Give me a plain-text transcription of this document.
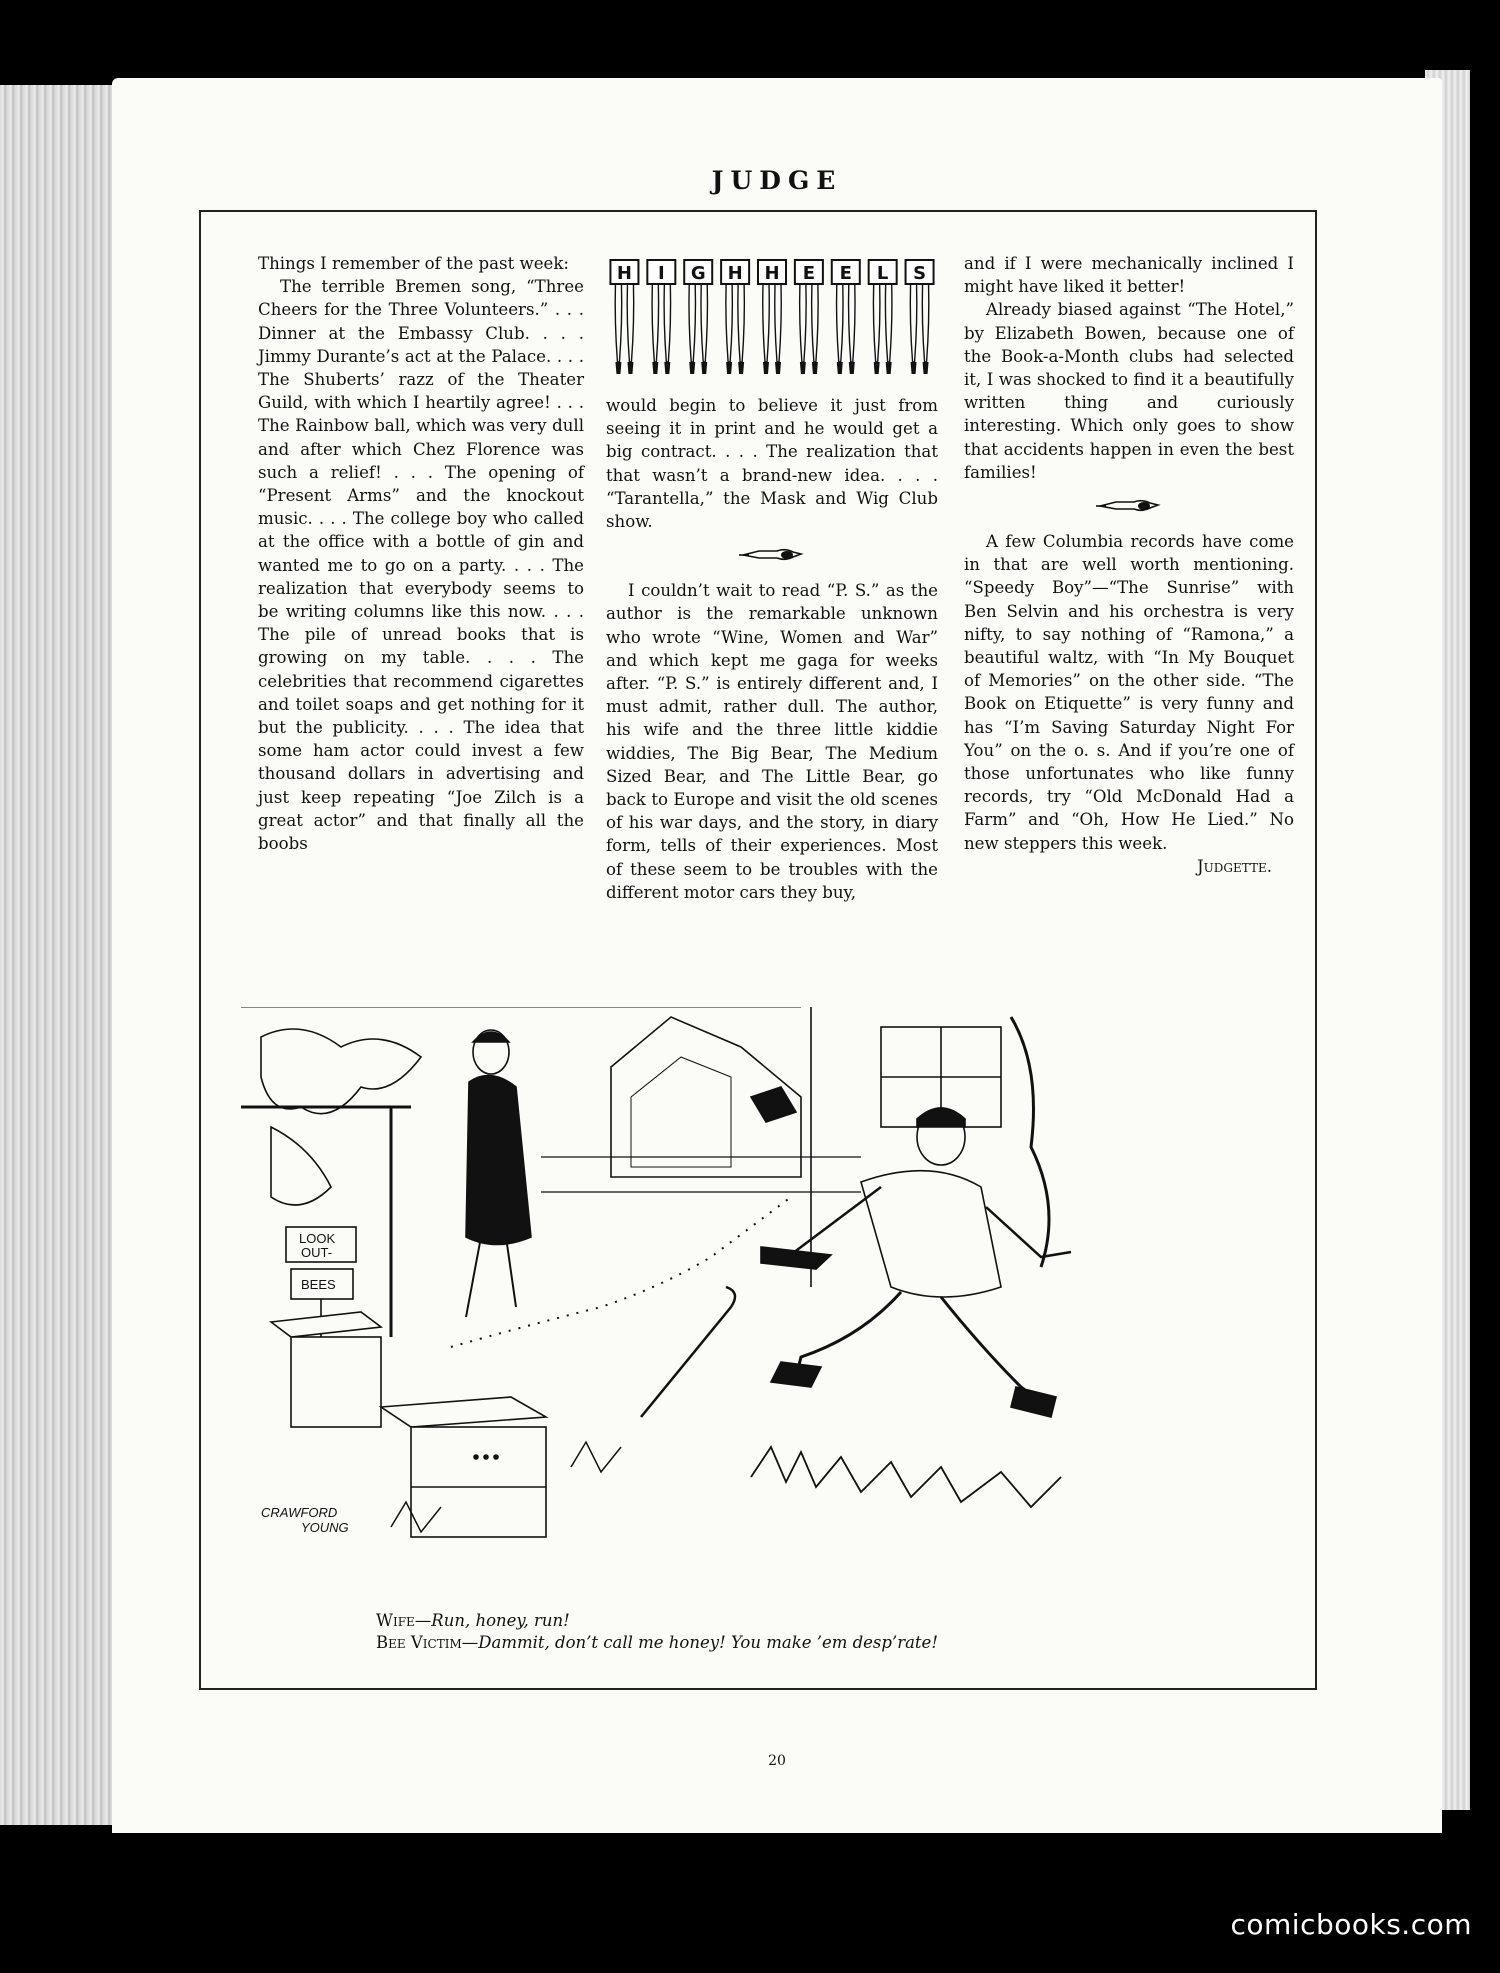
JUDGE

Things I remember of the past week:

The terrible Bremen song, “Three Cheers for the Three Volunteers.” . . . Dinner at the Embassy Club. . . . Jimmy Durante’s act at the Palace. . . . The Shuberts’ razz of the Theater Guild, with which I heartily agree! . . . The Rainbow ball, which was very dull and after which Chez Florence was such a relief! . . . The opening of “Present Arms” and the knockout music. . . . The college boy who called at the office with a bottle of gin and wanted me to go on a party. . . . The realization that everybody seems to be writing columns like this now. . . . The pile of unread books that is growing on my table. . . . The celebrities that recommend cigarettes and toilet soaps and get nothing for it but the publicity. . . . The idea that some ham actor could invest a few thousand dollars in advertising and just keep repeating “Joe Zilch is a great actor” and that finally all the boobs

H I G H H E E L S

would begin to believe it just from seeing it in print and he would get a big contract. . . . The realization that that wasn’t a brand-new idea. . . . “Tarantella,” the Mask and Wig Club show.

I couldn’t wait to read “P. S.” as the author is the remarkable unknown who wrote “Wine, Women and War” and which kept me gaga for weeks after. “P. S.” is entirely different and, I must admit, rather dull. The author, his wife and the three little kiddie widdies, The Big Bear, The Medium Sized Bear, and The Little Bear, go back to Europe and visit the old scenes of his war days, and the story, in diary form, tells of their experiences. Most of these seem to be troubles with the different motor cars they buy,

and if I were mechanically inclined I might have liked it better!

Already biased against “The Hotel,” by Elizabeth Bowen, because one of the Book-a-Month clubs had selected it, I was shocked to find it a beautifully written thing and curiously interesting. Which only goes to show that accidents happen in even the best families!

A few Columbia records have come in that are well worth mentioning. “Speedy Boy”—“The Sunrise” with Ben Selvin and his orchestra is very nifty, to say nothing of “Ramona,” a beautiful waltz, with “In My Bouquet of Memories” on the other side. “The Book on Etiquette” is very funny and has “I’m Saving Saturday Night For You” on the o. s. And if you’re one of those unfortunates who like funny records, try “Old McDonald Had a Farm” and “Oh, How He Lied.” No new steppers this week.

Judgette.

LOOK
OUT-
BEES
CRAWFORD
YOUNG
Wife—Run, honey, run!
Bee Victim—Dammit, don’t call me honey! You make ’em desp’rate!
20
comicbooks.com
